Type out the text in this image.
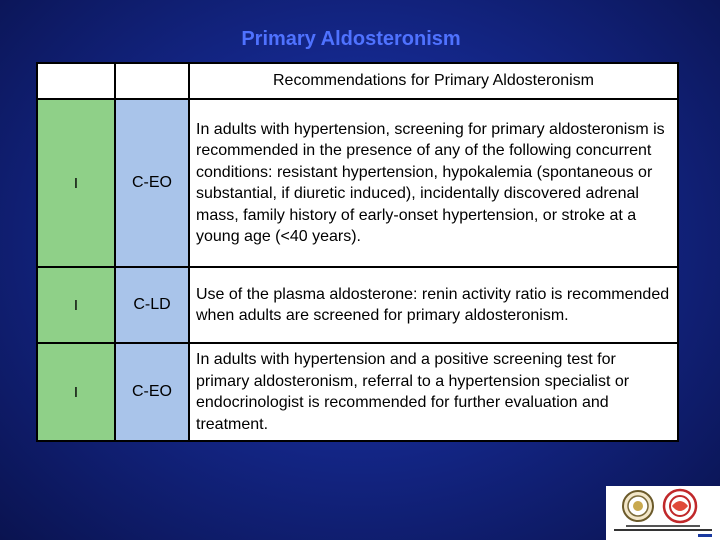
Primary Aldosteronism
		Recommendations for Primary Aldosteronism
I	C-EO	In adults with hypertension, screening for primary aldosteronism is recommended in the presence of any of the following concurrent conditions: resistant hypertension, hypokalemia (spontaneous or substantial, if diuretic induced), incidentally discovered adrenal mass, family history of early-onset hypertension, or stroke at a young age (<40 years).
I	C-LD	Use of the plasma aldosterone: renin activity ratio is recommended when adults are screened for primary aldosteronism.
I	C-EO	In adults with hypertension and a positive screening test for primary aldosteronism, referral to a hypertension specialist or endocrinologist is recommended for further evaluation and treatment.
